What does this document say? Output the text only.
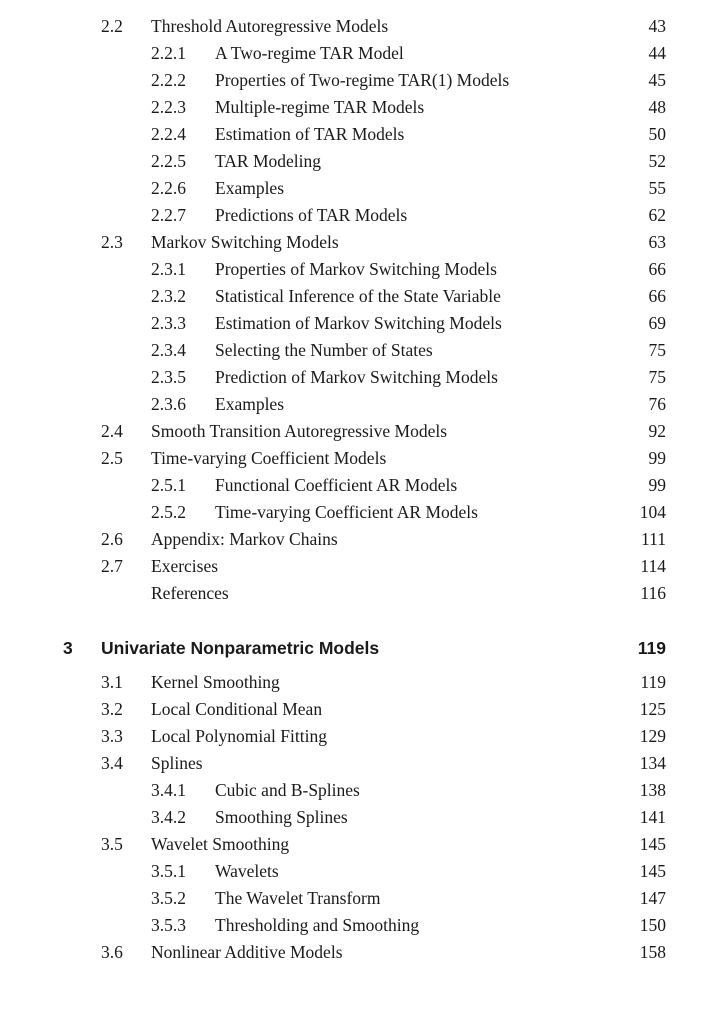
2.2 Threshold Autoregressive Models	43
2.2.1 A Two-regime TAR Model	44
2.2.2 Properties of Two-regime TAR(1) Models	45
2.2.3 Multiple-regime TAR Models	48
2.2.4 Estimation of TAR Models	50
2.2.5 TAR Modeling	52
2.2.6 Examples	55
2.2.7 Predictions of TAR Models	62
2.3 Markov Switching Models	63
2.3.1 Properties of Markov Switching Models	66
2.3.2 Statistical Inference of the State Variable	66
2.3.3 Estimation of Markov Switching Models	69
2.3.4 Selecting the Number of States	75
2.3.5 Prediction of Markov Switching Models	75
2.3.6 Examples	76
2.4 Smooth Transition Autoregressive Models	92
2.5 Time-varying Coefficient Models	99
2.5.1 Functional Coefficient AR Models	99
2.5.2 Time-varying Coefficient AR Models	104
2.6 Appendix: Markov Chains	111
2.7 Exercises	114
References	116
3 Univariate Nonparametric Models	119
3.1 Kernel Smoothing	119
3.2 Local Conditional Mean	125
3.3 Local Polynomial Fitting	129
3.4 Splines	134
3.4.1 Cubic and B-Splines	138
3.4.2 Smoothing Splines	141
3.5 Wavelet Smoothing	145
3.5.1 Wavelets	145
3.5.2 The Wavelet Transform	147
3.5.3 Thresholding and Smoothing	150
3.6 Nonlinear Additive Models	158
